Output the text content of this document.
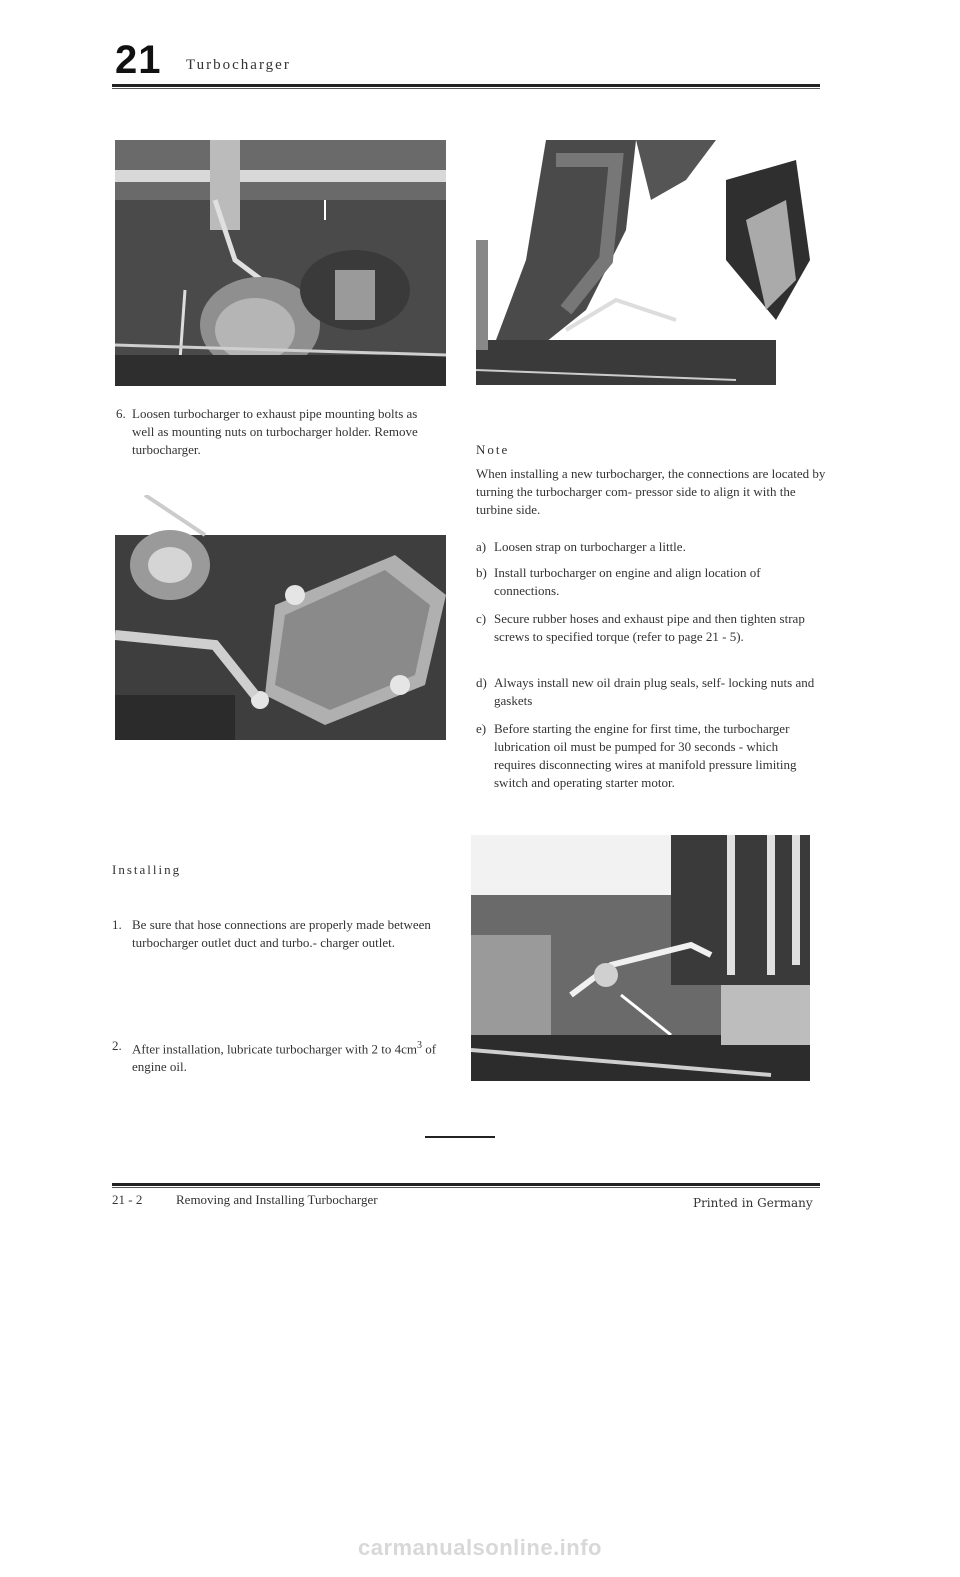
21 Turbocharger
6. Loosen turbocharger to exhaust pipe mounting bolts as well as mounting nuts on turbocharger holder. Remove turbocharger.
Installing
1. Be sure that hose connections are properly made between turbocharger outlet duct and turbo.- charger outlet.
2. After installation, lubricate turbocharger with 2 to $4cm^3$ of engine oil.
Note
When installing a new turbocharger, the connections are located by turning the turbocharger com- pressor side to align it with the turbine side.
a) Loosen strap on turbocharger a little.
b) Install turbocharger on engine and align location of connections.
c) Secure rubber hoses and exhaust pipe and then tighten strap screws to specified torque (refer to page 21 - 5).
d) Always install new oil drain plug seals, self- locking nuts and gaskets
e) Before starting the engine for first time, the turbocharger lubrication oil must be pumped for 30 seconds - which requires disconnecting wires at manifold pressure limiting switch and operating starter motor.
21 - 2	Removing and Installing Turbocharger	Printed in Germany
carmanualsonline.info
